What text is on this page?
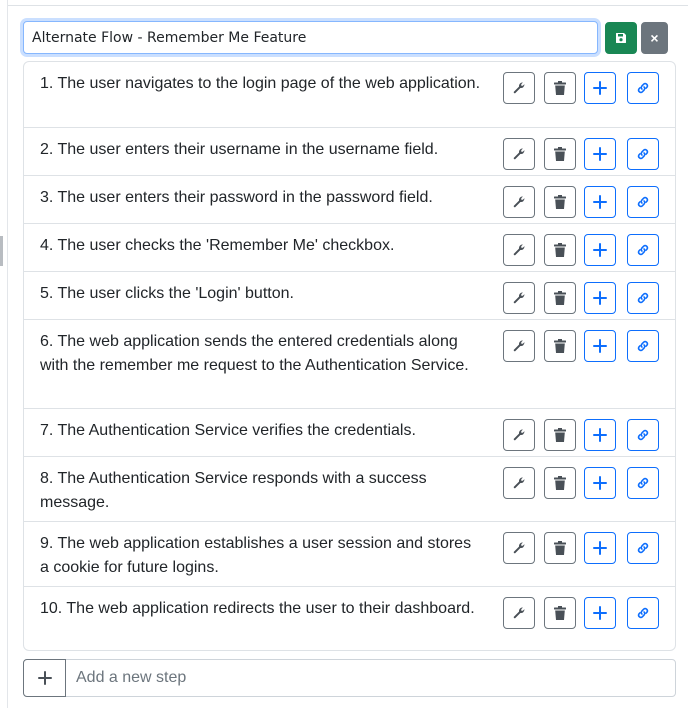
Alternate Flow - Remember Me Feature
×
1. The user navigates to the login page of the web application.
2. The user enters their username in the username field.
3. The user enters their password in the password field.
4. The user checks the 'Remember Me' checkbox.
5. The user clicks the 'Login' button.
6. The web application sends the entered credentials along with the remember me request to the Authentication Service.
7. The Authentication Service verifies the credentials.
8. The Authentication Service responds with a success message.
9. The web application establishes a user session and stores a cookie for future logins.
10. The web application redirects the user to their dashboard.
Add a new step
